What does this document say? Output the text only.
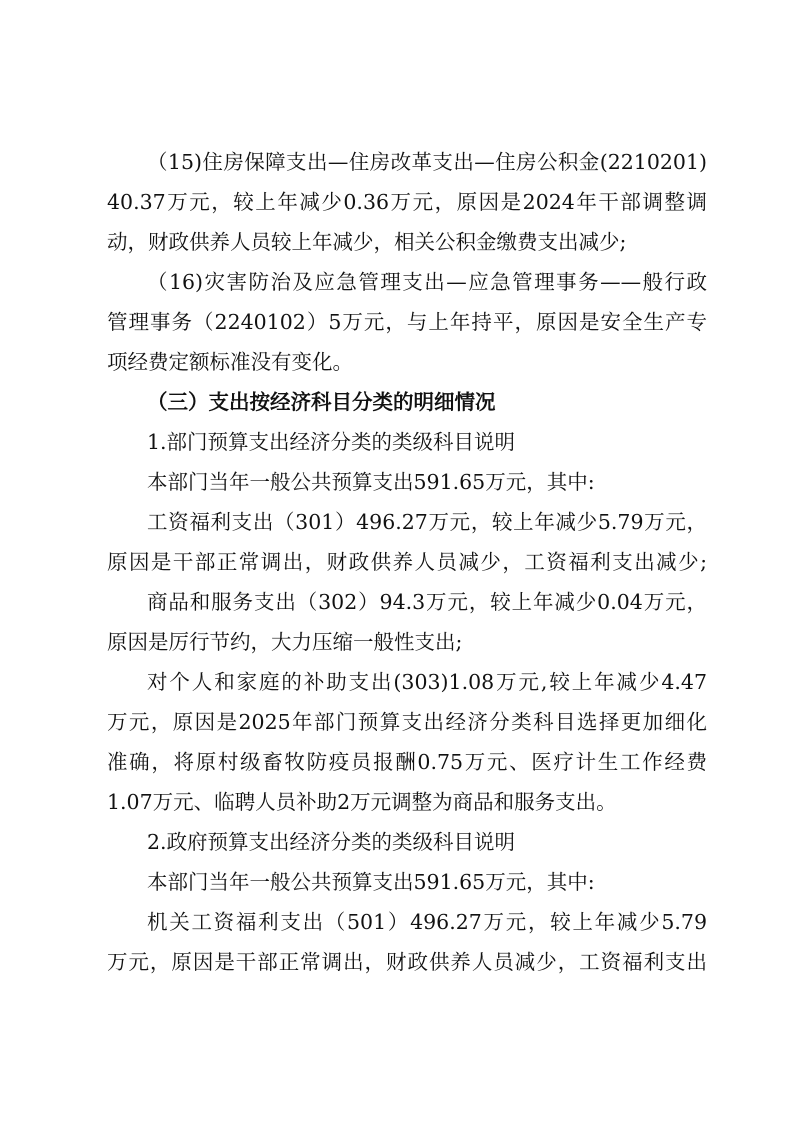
（15)住房保障支出—住房改革支出—住房公积金(2210201)
40.37万元，较上年减少0.36万元，原因是2024年干部调整调
动，财政供养人员较上年减少，相关公积金缴费支出减少;
（16)灾害防治及应急管理支出—应急管理事务——般行政
管理事务（2240102）5万元，与上年持平，原因是安全生产专
项经费定额标准没有变化。
（三）支出按经济科目分类的明细情况
1.部门预算支出经济分类的类级科目说明
本部门当年一般公共预算支出591.65万元，其中:
工资福利支出（301）496.27万元，较上年减少5.79万元，
原因是干部正常调出，财政供养人员减少，工资福利支出减少;
商品和服务支出（302）94.3万元，较上年减少0.04万元，
原因是厉行节约，大力压缩一般性支出;
对个人和家庭的补助支出(303)1.08万元,较上年减少4.47
万元，原因是2025年部门预算支出经济分类科目选择更加细化
准确，将原村级畜牧防疫员报酬0.75万元、医疗计生工作经费
1.07万元、临聘人员补助2万元调整为商品和服务支出。
2.政府预算支出经济分类的类级科目说明
本部门当年一般公共预算支出591.65万元，其中:
机关工资福利支出（501）496.27万元，较上年减少5.79
万元，原因是干部正常调出，财政供养人员减少，工资福利支出
